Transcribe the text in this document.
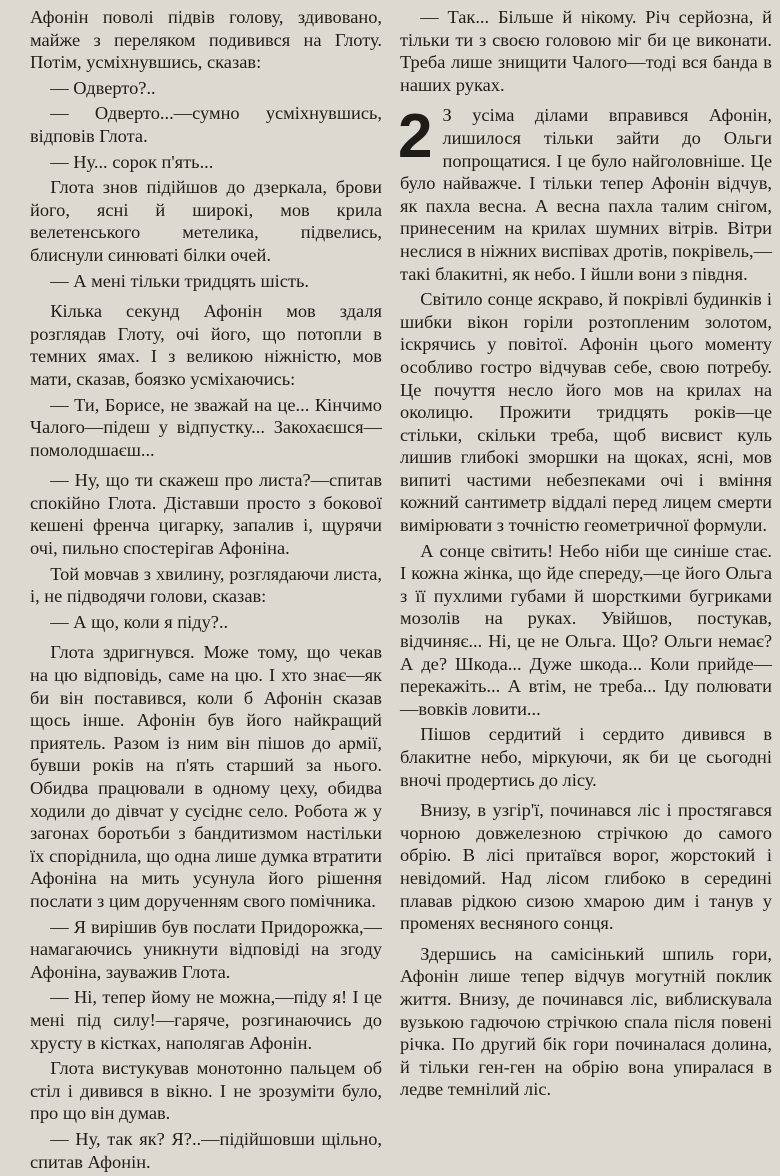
Афонін поволі підвів голову, здивовано, майже з переляком подивився на Глоту. Потім, усміхнувшись, сказав:

— Одверто?..

— Одверто...—сумно усміхнувшись, відповів Глота.

— Ну... сорок п'ять...

Глота знов підійшов до дзеркала, брови його, ясні й широкі, мов крила велетенського метелика, підвелись, блиснули синюваті білки очей.

— А мені тільки тридцять шість.

Кілька секунд Афонін мов здаля розглядав Глоту, очі його, що потопли в темних ямах. І з великою ніжністю, мов мати, сказав, боязко усміхаючись:

— Ти, Борисе, не зважай на це... Кінчимо Чалого—підеш у відпустку... Закохаєшся—помолодшаєш...

— Ну, що ти скажеш про листа?—спитав спокійно Глота. Діставши просто з бокової кешені френча цигарку, запалив і, щурячи очі, пильно спостерігав Афоніна.

Той мовчав з хвилину, розглядаючи листа, і, не підводячи голови, сказав:

— А що, коли я піду?..

Глота здригнувся. Може тому, що чекав на цю відповідь, саме на цю. І хто знає—як би він поставився, коли б Афонін сказав щось інше. Афонін був його найкращий приятель. Разом із ним він пішов до армії, бувши років на п'ять старший за нього. Обидва працювали в одному цеху, обидва ходили до дівчат у сусіднє село. Робота ж у загонах боротьби з бандитизмом настільки їх споріднила, що одна лише думка втратити Афоніна на мить усунула його рішення послати з цим дорученням свого помічника.

— Я вирішив був послати Придорожка,—намагаючись уникнути відповіді на згоду Афоніна, зауважив Глота.

— Ні, тепер йому не можна,—піду я! І це мені під силу!—гаряче, розгинаючись до хрусту в кістках, наполягав Афонін.

Глота вистукував монотонно пальцем об стіл і дивився в вікно. І не зрозуміти було, про що він думав.

— Ну, так як? Я?..—підійшовши щільно, спитав Афонін.

— Так... Більше й нікому. Річ серйозна, й тільки ти з своєю головою міг би це виконати. Треба лише знищити Чалого—тоді вся банда в наших руках.

2 З усіма ділами вправився Афонін, лишилося тільки зайти до Ольги попрощатися. І це було найголовніше. Це було найважче. І тільки тепер Афонін відчув, як пахла весна. А весна пахла талим снігом, принесеним на крилах шумних вітрів. Вітри неслися в ніжних виспівах дротів, покрівель,—такі блакитні, як небо. І йшли вони з півдня.

Світило сонце яскраво, й покрівлі будинків і шибки вікон горіли розтопленим золотом, іскрячись у повітої. Афонін цього моменту особливо гостро відчував себе, свою потребу. Це почуття несло його мов на крилах на околицю. Прожити тридцять років—це стільки, скільки треба, щоб висвист куль лишив глибокі зморшки на щоках, ясні, мов випиті частими небезпеками очі і вміння кожний сантиметр віддалі перед лицем смерти вимірювати з точністю геометричної формули.

А сонце світить! Небо ніби ще синіше стає. І кожна жінка, що йде спереду,—це його Ольга з її пухлими губами й шорсткими бугриками мозолів на руках. Увійшов, постукав, відчиняє... Ні, це не Ольга. Що? Ольги немає? А де? Шкода... Дуже шкода... Коли прийде—перекажіть... А втім, не треба... Іду полювати—вовків ловити...

Пішов сердитий і сердито дивився в блакитне небо, міркуючи, як би це сьогодні вночі продертись до лісу.

Внизу, в узгір'ї, починався ліс і простягався чорною довжелезною стрічкою до самого обрію. В лісі притаївся ворог, жорстокий і невідомий. Над лісом глибоко в середині плавав рідкою сизою хмарою дим і танув у променях весняного сонця.

Здершись на самісінький шпиль гори, Афонін лише тепер відчув могутній поклик життя. Внизу, де починався ліс, виблискувала вузькою гадючою стрічкою спала після повені річка. По другий бік гори починалася долина, й тільки ген-ген на обрію вона упиралася в ледве темнілий ліс.
